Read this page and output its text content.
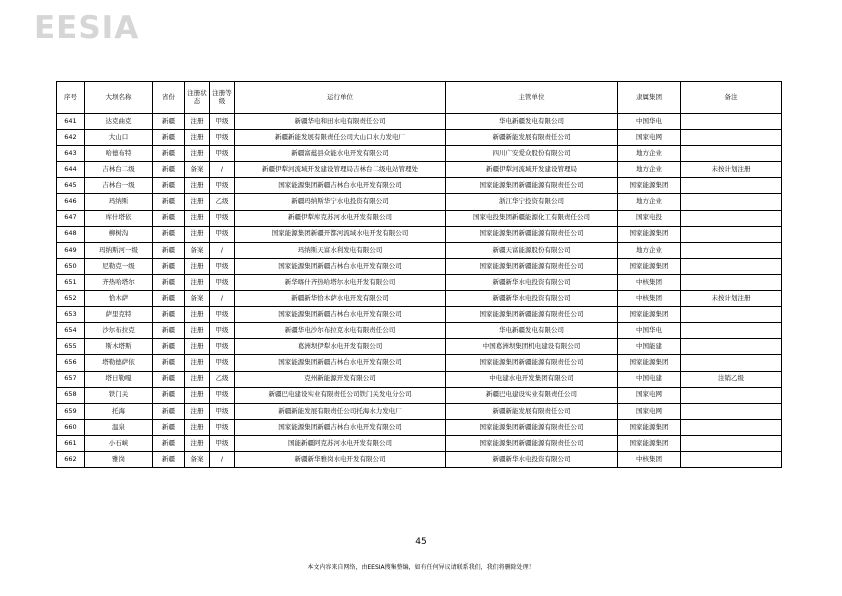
EESIA
序号	大坝名称	省份	注册状态	注册等级	运行单位	主管单位	隶属集团	备注
641	达克曲克	新疆	注册	甲级	新疆华电和田水电有限责任公司	华电新疆发电有限公司	中国华电	
642	大山口	新疆	注册	甲级	新疆新能发展有限责任公司大山口水力发电厂	新疆新能发展有限责任公司	国家电网	
643	哈德布特	新疆	注册	甲级	新疆富蕴县众能水电开发有限公司	四川广安爱众股份有限公司	地方企业	
644	吉林台二级	新疆	备案	/	新疆伊犁河流域开发建设管理局吉林台二级电站管理处	新疆伊犁河流域开发建设管理局	地方企业	未按计划注册
645	吉林台一级	新疆	注册	甲级	国家能源集团新疆吉林台水电开发有限公司	国家能源集团新疆能源有限责任公司	国家能源集团	
646	玛纳斯	新疆	注册	乙级	新疆玛纳斯华宁水电投资有限公司	浙江华宁投资有限公司	地方企业	
647	库什塔依	新疆	注册	甲级	新疆伊犁库克苏河水电开发有限公司	国家电投集团新疆能源化工有限责任公司	国家电投	
648	柳树沟	新疆	注册	甲级	国家能源集团新疆开都河流域水电开发有限公司	国家能源集团新疆能源有限责任公司	国家能源集团	
649	玛纳斯河一级	新疆	备案	/	玛纳斯天富水利发电有限公司	新疆天富能源股份有限公司	地方企业	
650	尼勒克一级	新疆	注册	甲级	国家能源集团新疆吉林台水电开发有限公司	国家能源集团新疆能源有限责任公司	国家能源集团	
651	齐热哈塔尔	新疆	注册	甲级	新华喀什齐热哈塔尔水电开发有限公司	新疆新华水电投资有限公司	中核集团	
652	恰木萨	新疆	备案	/	新疆新华恰木萨水电开发有限公司	新疆新华水电投资有限公司	中核集团	未按计划注册
653	萨里克特	新疆	注册	甲级	国家能源集团新疆吉林台水电开发有限公司	国家能源集团新疆能源有限责任公司	国家能源集团	
654	沙尔布拉克	新疆	注册	甲级	新疆华电沙尔布拉克水电有限责任公司	华电新疆发电有限公司	中国华电	
655	斯木塔斯	新疆	注册	甲级	葛洲坝伊犁水电开发有限公司	中国葛洲坝集团机电建设有限公司	中国能建	
656	塔勒德萨依	新疆	注册	甲级	国家能源集团新疆吉林台水电开发有限公司	国家能源集团新疆能源有限责任公司	国家能源集团	
657	塔日勒嘎	新疆	注册	乙级	克州新能源开发有限公司	中电建水电开发集团有限公司	中国电建	注销乙级
658	铁门关	新疆	注册	甲级	新疆巴电建设实业有限责任公司铁门关发电分公司	新疆巴电建设实业有限责任公司	国家电网	
659	托海	新疆	注册	甲级	新疆新能发展有限责任公司托海水力发电厂	新疆新能发展有限责任公司	国家电网	
660	温泉	新疆	注册	甲级	国家能源集团新疆吉林台水电开发有限公司	国家能源集团新疆能源有限责任公司	国家能源集团	
661	小石峡	新疆	注册	甲级	国能新疆阿克苏河水电开发有限公司	国家能源集团新疆能源有限责任公司	国家能源集团	
662	雅岗	新疆	备案	/	新疆新华雅岗水电开发有限公司	新疆新华水电投资有限公司	中核集团	
45
本文内容来自网络，由EESIA搜集整编，如有任何异议请联系我们，我们将删除处理！
